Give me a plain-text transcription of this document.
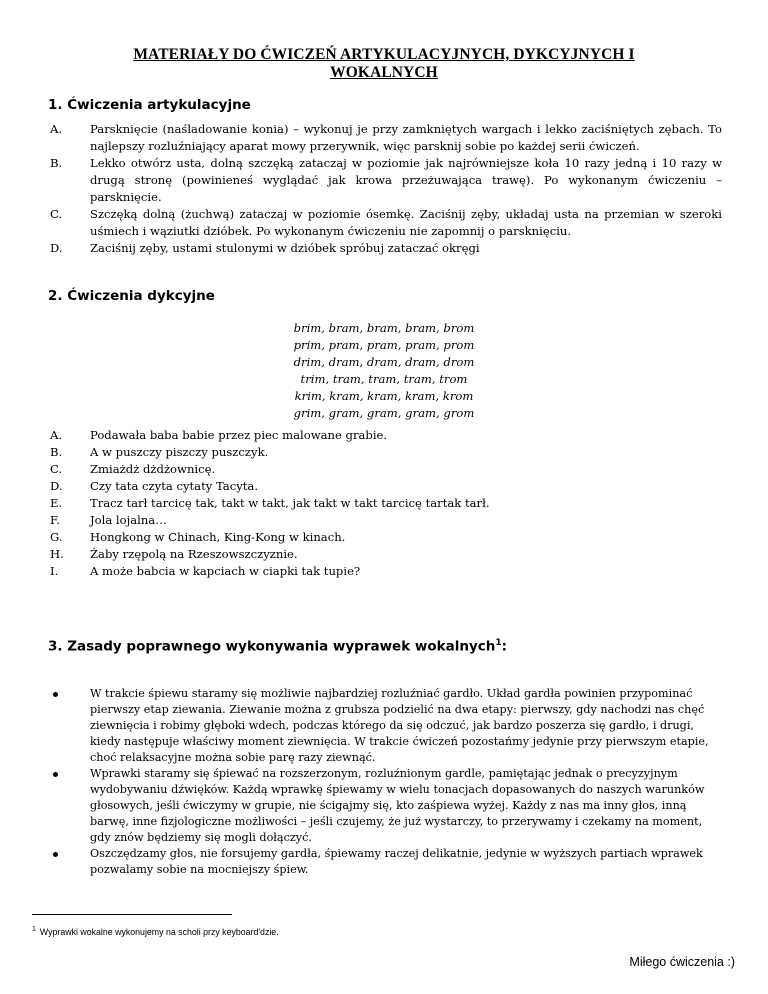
MATERIAŁY DO ĆWICZEŃ ARTYKULACYJNYCH, DYKCYJNYCH I
WOKALNYCH
1. Ćwiczenia artykulacyjne
A. Parsknięcie (naśladowanie konia) – wykonuj je przy zamkniętych wargach i lekko zaciśniętych zębach. To najlepszy rozluźniający aparat mowy przerywnik, więc parsknij sobie po każdej serii ćwiczeń.
B. Lekko otwórz usta, dolną szczęką zataczaj w poziomie jak najrówniejsze koła 10 razy jedną i 10 razy w drugą stronę (powinieneś wyglądać jak krowa przeżuwająca trawę). Po wykonanym ćwiczeniu – parsknięcie.
C. Szczęką dolną (żuchwą) zataczaj w poziomie ósemkę. Zaciśnij zęby, układaj usta na przemian w szeroki uśmiech i wąziutki dzióbek. Po wykonanym ćwiczeniu nie zapomnij o parsknięciu.
D. Zaciśnij zęby, ustami stulonymi w dzióbek spróbuj zataczać okręgi
2. Ćwiczenia dykcyjne
brim, bram, bram, bram, brom
prim, pram, pram, pram, prom
drim, dram, dram, dram, drom
trim, tram, tram, tram, trom
krim, kram, kram, kram, krom
grim, gram, gram, gram, grom
A. Podawała baba babie przez piec malowane grabie.
B. A w puszczy piszczy puszczyk.
C. Zmiażdż dżdżownicę.
D. Czy tata czyta cytaty Tacyta.
E. Tracz tarł tarcicę tak, takt w takt, jak takt w takt tarcicę tartak tarł.
F.	Jola lojalna…
G. Hongkong w Chinach, King-Kong w kinach.
H. Żaby rzępolą na Rzeszowszczyznie.
I.	A może babcia w kapciach w ciapki tak tupie?
3. Zasady poprawnego wykonywania wyprawek wokalnych$^1$:
W trakcie śpiewu staramy się możliwie najbardziej rozluźniać gardło. Układ gardła powinien przypominać pierwszy etap ziewania. Ziewanie można z grubsza podzielić na dwa etapy: pierwszy, gdy nachodzi nas chęć ziewnięcia i robimy głęboki wdech, podczas którego da się odczuć, jak bardzo poszerza się gardło, i drugi, kiedy następuje właściwy moment ziewnięcia. W trakcie ćwiczeń pozostańmy jedynie przy pierwszym etapie, choć relaksacyjne można sobie parę razy ziewnąć.
Wprawki staramy się śpiewać na rozszerzonym, rozluźnionym gardle, pamiętając jednak o precyzyjnym wydobywaniu dźwięków. Każdą wprawkę śpiewamy w wielu tonacjach dopasowanych do naszych warunków głosowych, jeśli ćwiczymy w grupie, nie ścigajmy się, kto zaśpiewa wyżej. Każdy z nas ma inny głos, inną barwę, inne fizjologiczne możliwości – jeśli czujemy, że już wystarczy, to przerywamy i czekamy na moment, gdy znów będziemy się mogli dołączyć.
Oszczędzamy głos, nie forsujemy gardła, śpiewamy raczej delikatnie, jedynie w wyższych partiach wprawek pozwalamy sobie na mocniejszy śpiew.
$^1$ Wyprawki wokalne wykonujemy na scholi przy keyboard'dzie.
Miłego ćwiczenia :)
